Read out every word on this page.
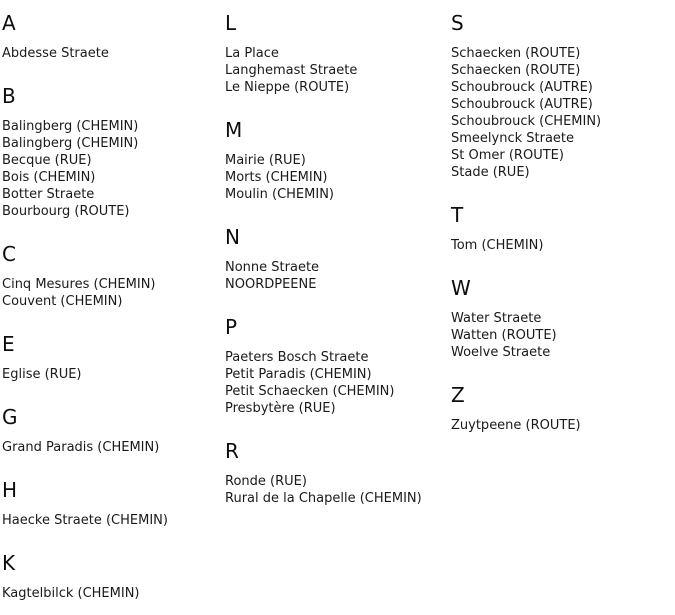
A
Abdesse Straete
B
Balingberg (CHEMIN)
Balingberg (CHEMIN)
Becque (RUE)
Bois (CHEMIN)
Botter Straete
Bourbourg (ROUTE)
C
Cinq Mesures (CHEMIN)
Couvent (CHEMIN)
E
Eglise (RUE)
G
Grand Paradis (CHEMIN)
H
Haecke Straete (CHEMIN)
K
Kagtelbilck (CHEMIN)
L
La Place
Langhemast Straete
Le Nieppe (ROUTE)
M
Mairie (RUE)
Morts (CHEMIN)
Moulin (CHEMIN)
N
Nonne Straete
NOORDPEENE
P
Paeters Bosch Straete
Petit Paradis (CHEMIN)
Petit Schaecken (CHEMIN)
Presbytère (RUE)
R
Ronde (RUE)
Rural de la Chapelle (CHEMIN)
S
Schaecken (ROUTE)
Schaecken (ROUTE)
Schoubrouck (AUTRE)
Schoubrouck (AUTRE)
Schoubrouck (CHEMIN)
Smeelynck Straete
St Omer (ROUTE)
Stade (RUE)
T
Tom (CHEMIN)
W
Water Straete
Watten (ROUTE)
Woelve Straete
Z
Zuytpeene (ROUTE)
